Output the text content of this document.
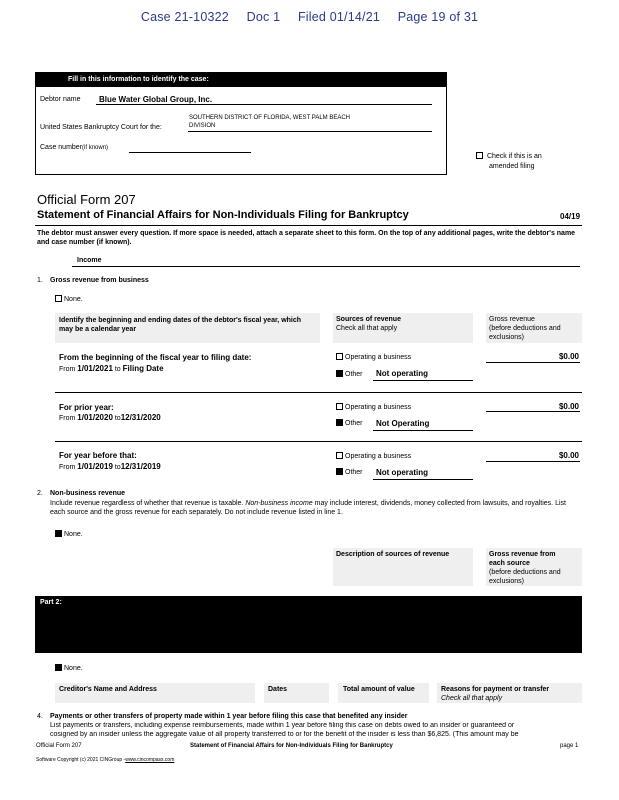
Case 21-10322 Doc 1 Filed 01/14/21 Page 19 of 31
Fill in this information to identify the case:
Debtor name Blue Water Global Group, Inc.
SOUTHERN DISTRICT OF FLORIDA, WEST PALM BEACH
DIVISION
United States Bankruptcy Court for the:
Case number(if known)
Check if this is an
amended filing
Official Form 207
Statement of Financial Affairs for Non-Individuals Filing for Bankruptcy	04/19
The debtor must answer every question. If more space is needed, attach a separate sheet to this form. On the top of any additional pages, write the debtor's name and case number (if known).
Income
1. Gross revenue from business
None.
Identify the beginning and ending dates of the debtor's fiscal year, which may be a calendar year
Sources of revenue
Check all that apply
Gross revenue
(before deductions and exclusions)
From the beginning of the fiscal year to filing date:
From 1/01/2021 to Filing Date
Operating a business
Other Not operating
$0.00
For prior year:
From 1/01/2020 to12/31/2020
Operating a business
Other Not Operating
$0.00
For year before that:
From 1/01/2019 to12/31/2019
Operating a business
Other Not operating
$0.00
2. Non-business revenue
Include revenue regardless of whether that revenue is taxable. Non-business income may include interest, dividends, money collected from lawsuits, and royalties. List each source and the gross revenue for each separately. Do not include revenue listed in line 1.
None.
Description of sources of revenue	Gross revenue from
each source
(before deductions and
exclusions)
Part 2:
None.
Creditor's Name and Address	Dates	Total amount of value	Reasons for payment or transfer
Check all that apply
4. Payments or other transfers of property made within 1 year before filing this case that benefited any insider
List payments or transfers, including expense reimbursements, made within 1 year before filing this case on debts owed to an insider or guaranteed or
cosigned by an insider unless the aggregate value of all property transferred to or for the benefit of the insider is less than $6,825. (This amount may be
Official Form 207	Statement of Financial Affairs for Non-Individuals Filing for Bankruptcy	page 1
Software Copyright (c) 2021 CINGroup -www.cincompass.com
